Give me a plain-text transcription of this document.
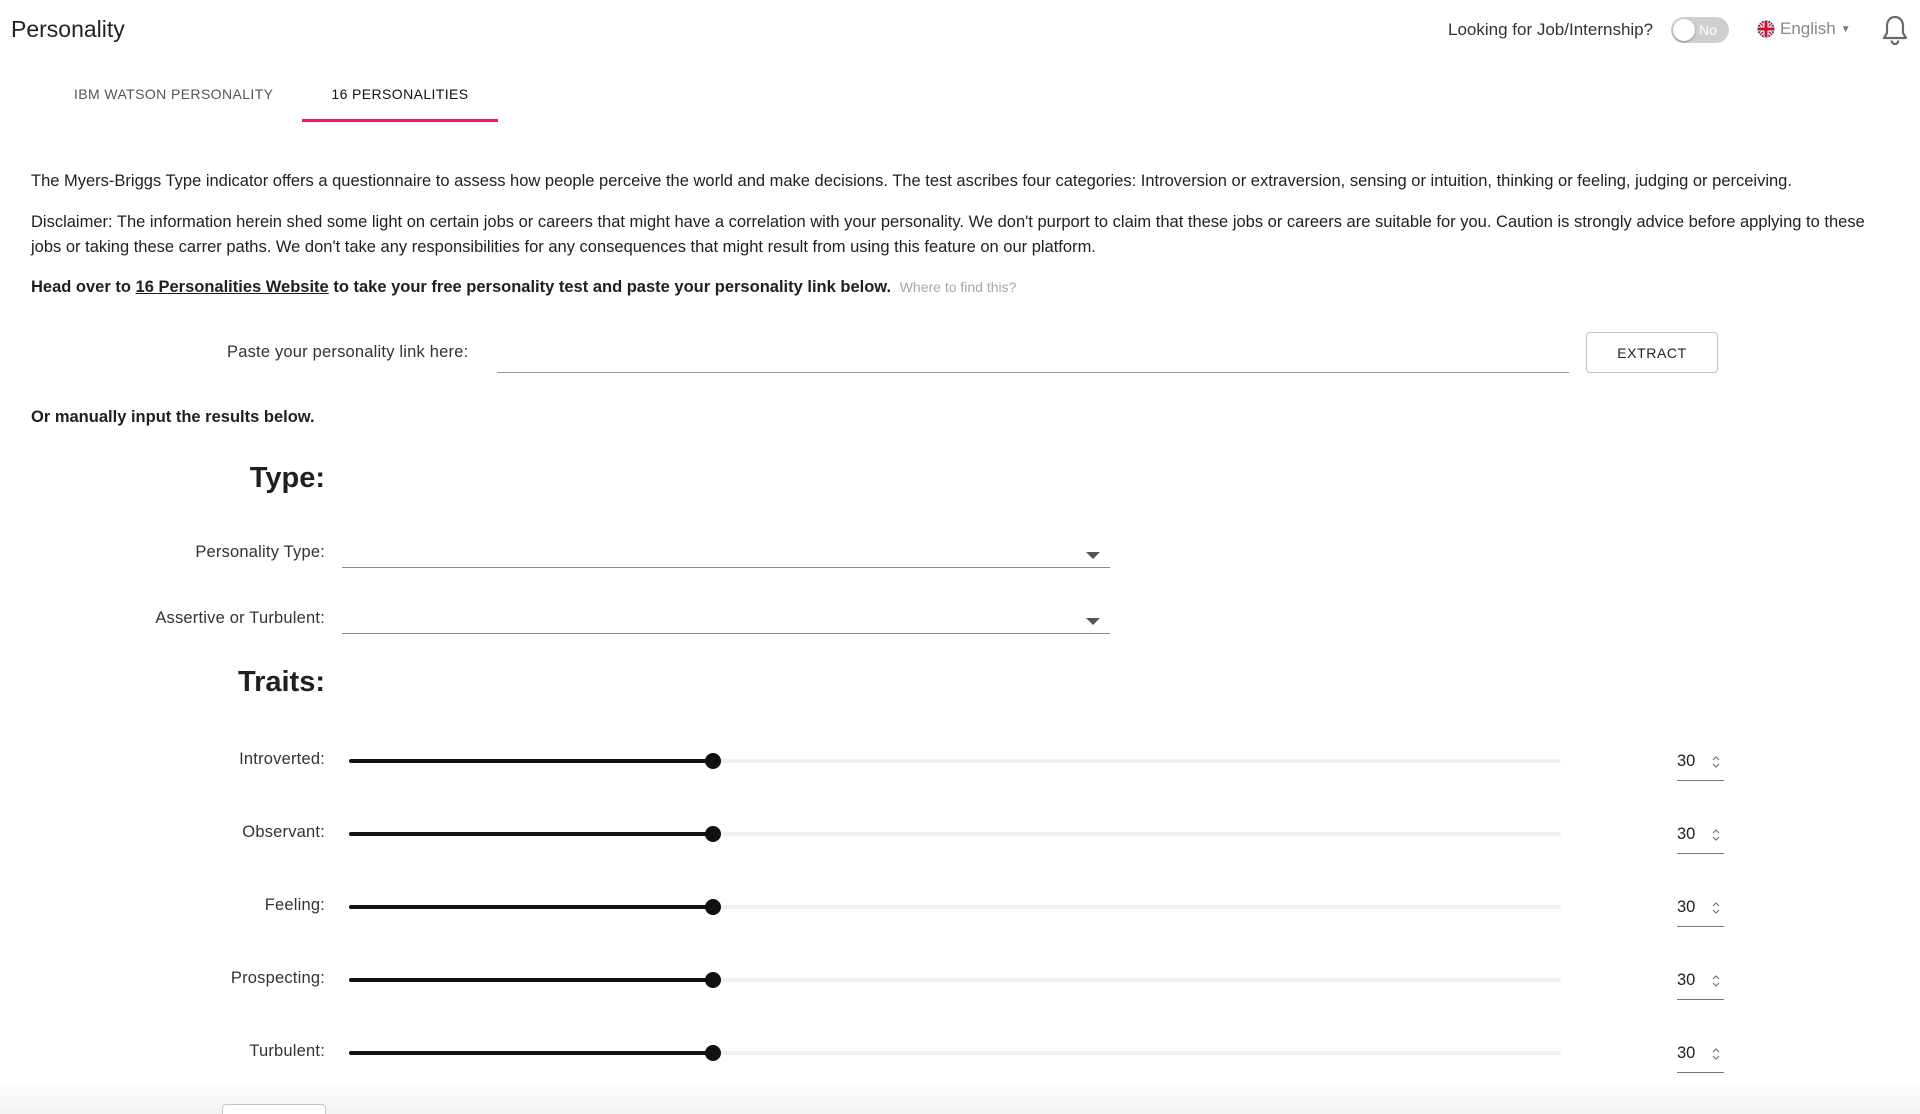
Personality	Looking for Job/Internship?	No	English ▼
IBM WATSON PERSONALITY	16 PERSONALITIES

The Myers-Briggs Type indicator offers a questionnaire to assess how people perceive the world and make decisions. The test ascribes four categories: Introversion or extraversion, sensing or intuition, thinking or feeling, judging or perceiving.

Disclaimer: The information herein shed some light on certain jobs or careers that might have a correlation with your personality. We don't purport to claim that these jobs or careers are suitable for you. Caution is strongly advice before applying to these jobs or taking these carrer paths. We don't take any responsibilities for any consequences that might result from using this feature on our platform.

Head over to 16 Personalities Website to take your free personality test and paste your personality link below. Where to find this?

Paste your personality link here:	EXTRACT
Or manually input the results below.
Type:
Personality Type:
Assertive or Turbulent:
Traits:
Introverted:	30
Observant:	30
Feeling:	30
Prospecting:	30
Turbulent:	30
